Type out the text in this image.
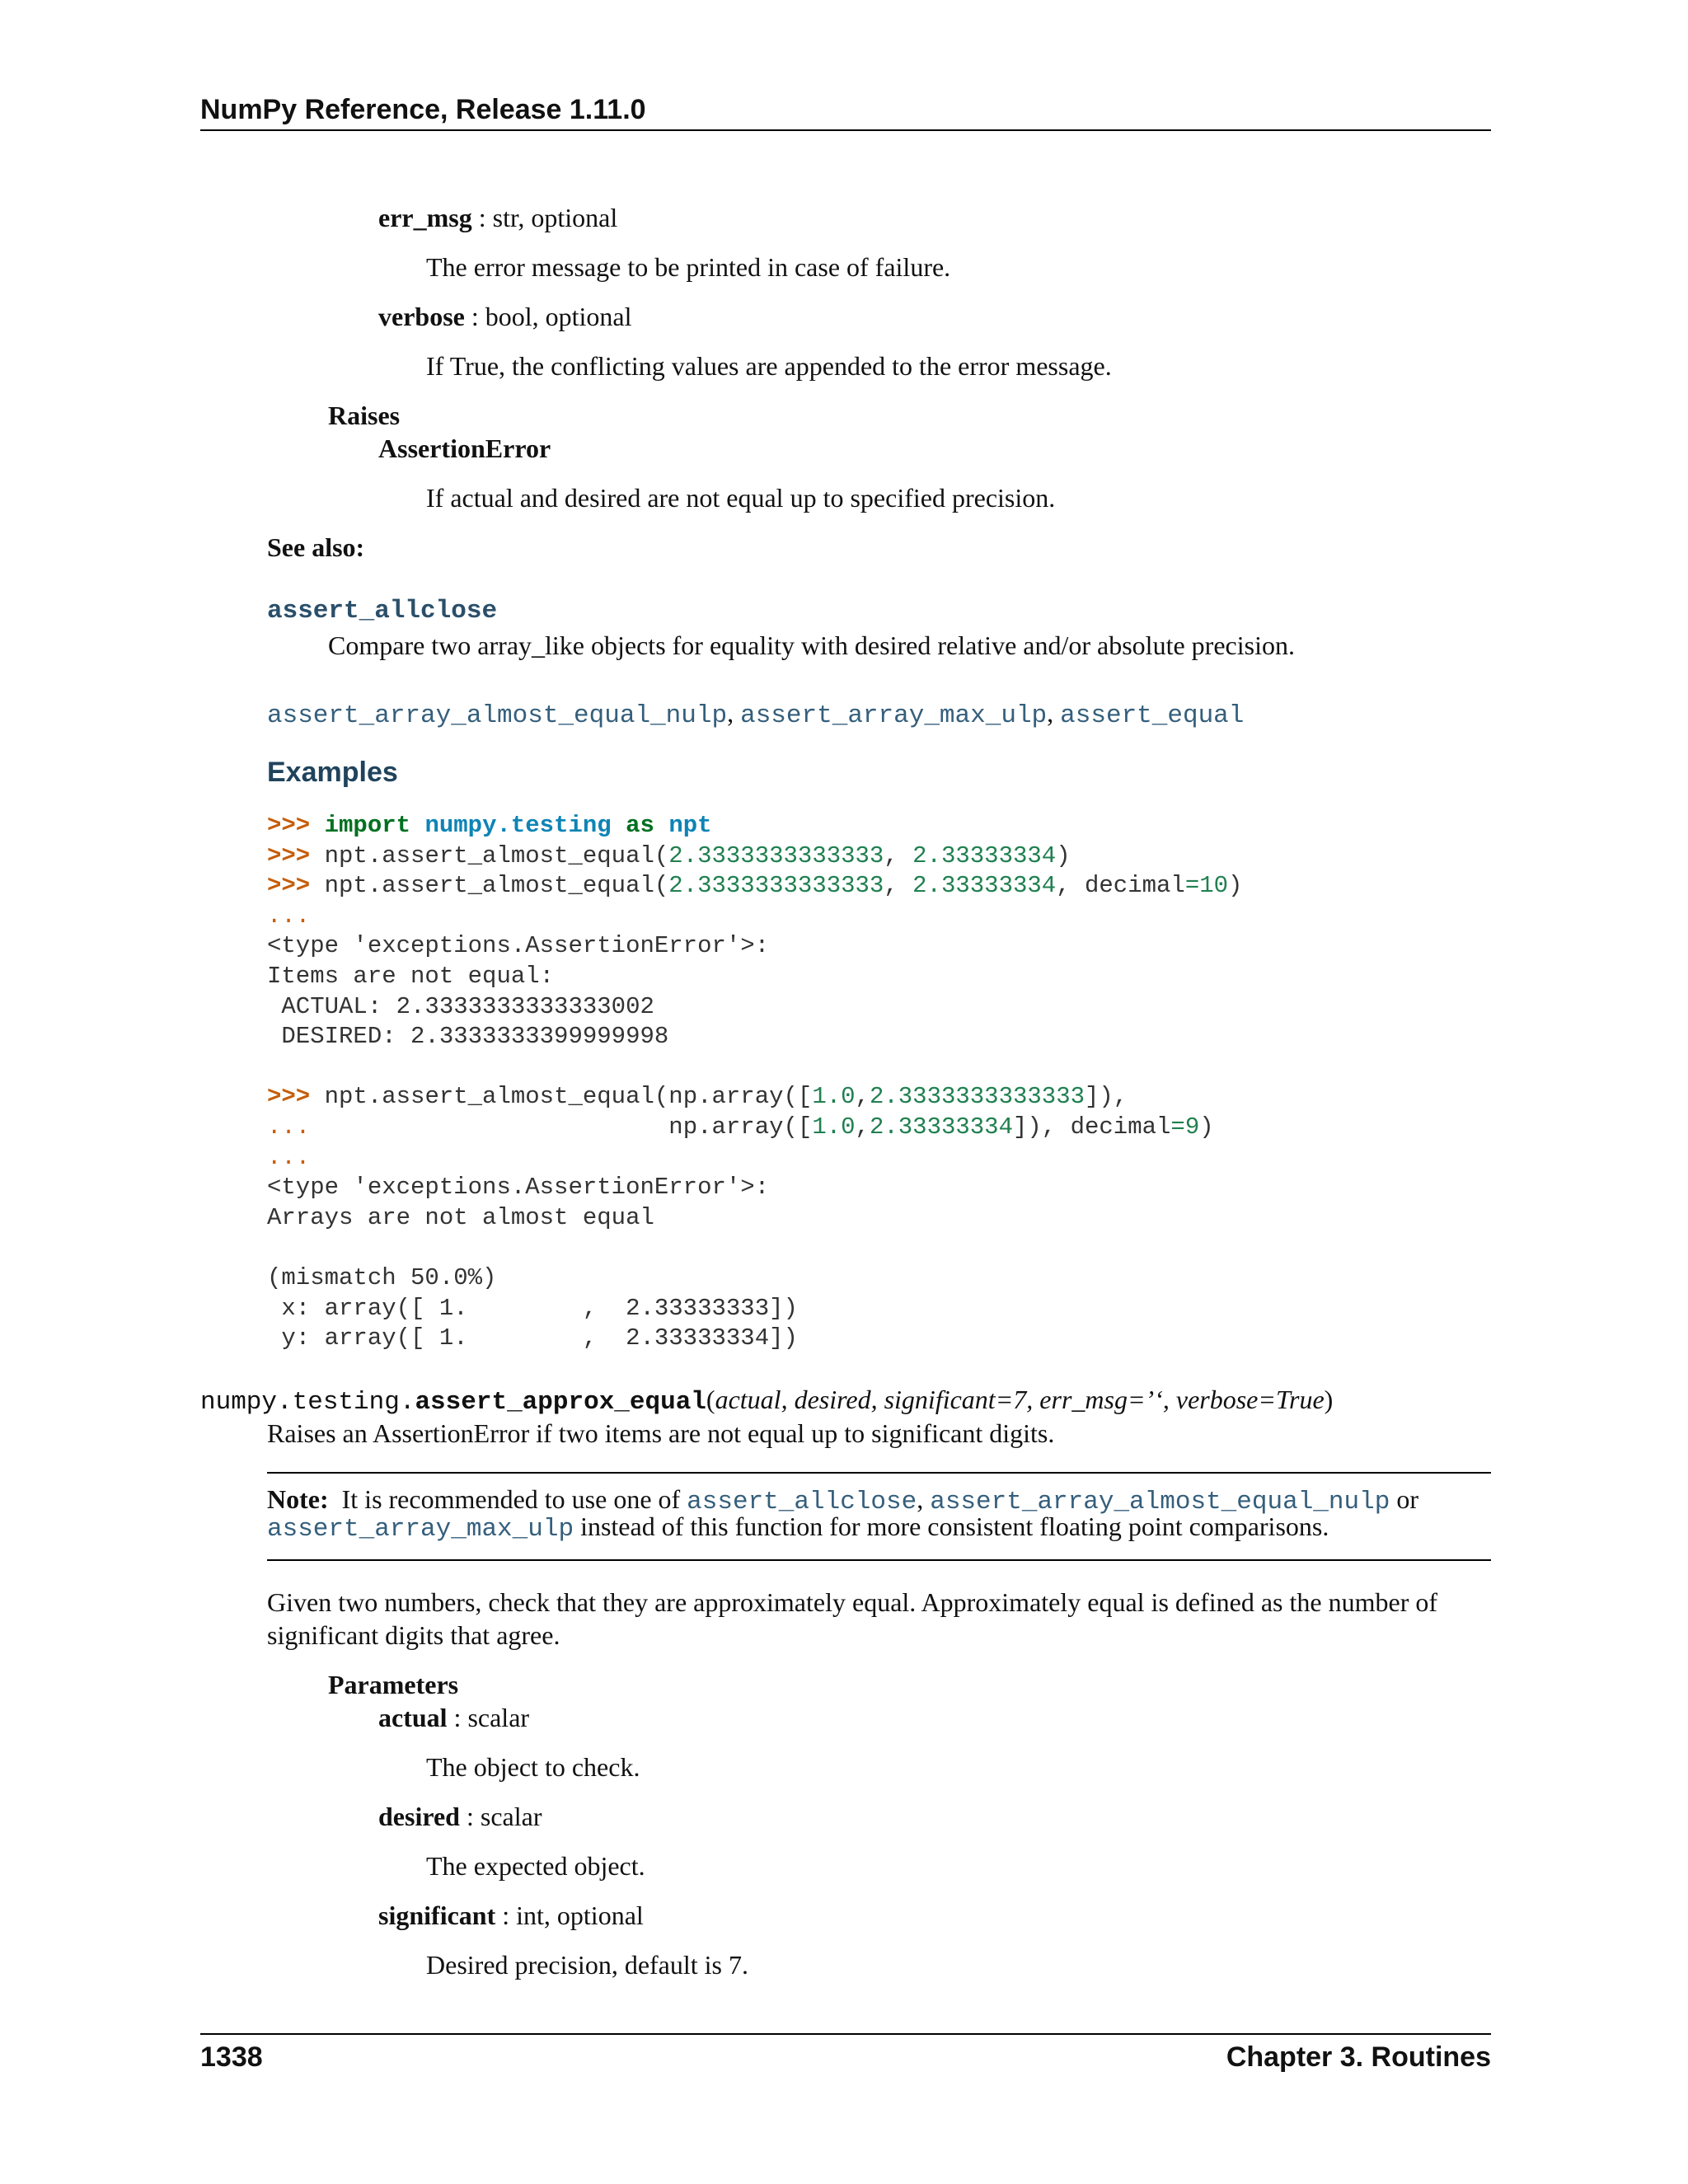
NumPy Reference, Release 1.11.0
err_msg : str, optional
The error message to be printed in case of failure.
verbose : bool, optional
If True, the conflicting values are appended to the error message.
Raises
AssertionError
If actual and desired are not equal up to specified precision.
See also:
assert_allclose
Compare two array_like objects for equality with desired relative and/or absolute precision.
assert_array_almost_equal_nulp, assert_array_max_ulp, assert_equal
Examples
>>> import numpy.testing as npt
>>> npt.assert_almost_equal(2.3333333333333, 2.33333334)
>>> npt.assert_almost_equal(2.3333333333333, 2.33333334, decimal=10)
...
<type 'exceptions.AssertionError'>:
Items are not equal:
ACTUAL: 2.3333333333333002
DESIRED: 2.3333333399999998

>>> npt.assert_almost_equal(np.array([1.0,2.3333333333333]),
...                         np.array([1.0,2.33333334]), decimal=9)
...
<type 'exceptions.AssertionError'>:
Arrays are not almost equal

(mismatch 50.0%)
x: array([ 1.        ,  2.33333333])
y: array([ 1.        ,  2.33333334])
numpy.testing.assert_approx_equal(actual, desired, significant=7, err_msg=’‘, verbose=True)
Raises an AssertionError if two items are not equal up to significant digits.
Note: It is recommended to use one of assert_allclose, assert_array_almost_equal_nulp or
assert_array_max_ulp instead of this function for more consistent floating point comparisons.
Given two numbers, check that they are approximately equal. Approximately equal is defined as the number of
significant digits that agree.
Parameters
actual : scalar
The object to check.
desired : scalar
The expected object.
significant : int, optional
Desired precision, default is 7.
1338	Chapter 3. Routines
